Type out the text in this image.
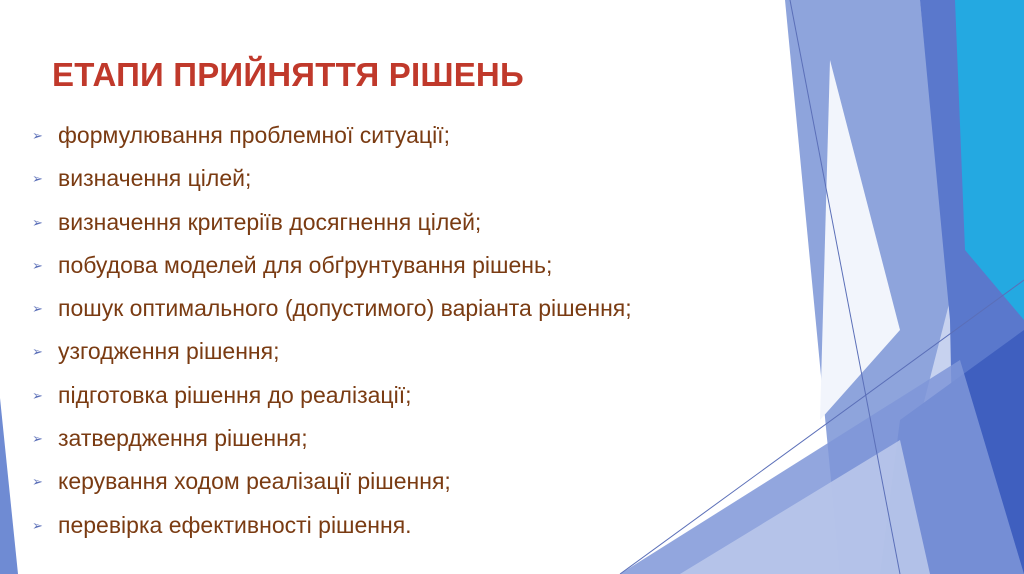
ЕТАПИ ПРИЙНЯТТЯ РІШЕНЬ
➢ формулювання проблемної ситуації;
➢ визначення цілей;
➢ визначення критеріїв досягнення цілей;
➢ побудова моделей для обґрунтування рішень;
➢ пошук оптимального (допустимого) варіанта рішення;
➢ узгодження рішення;
➢ підготовка рішення до реалізації;
➢ затвердження рішення;
➢ керування ходом реалізації рішення;
➢ перевірка ефективності рішення.
